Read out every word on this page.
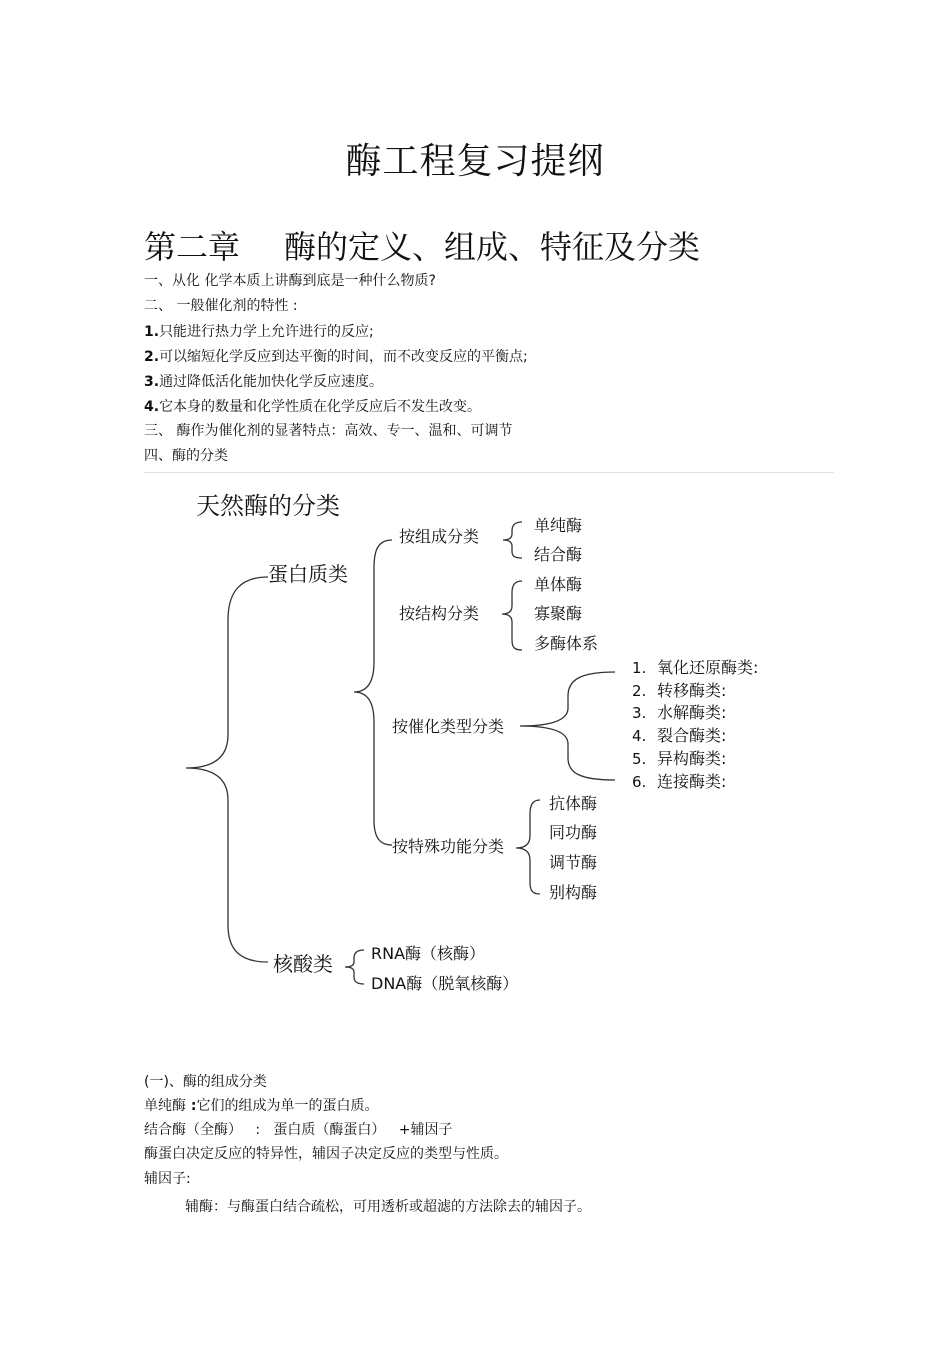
酶工程复习提纲
第二章 酶的定义、组成、特征及分类
一、从化 化学本质上讲酶到底是一种什么物质?
二、 一般催化剂的特性 :
1.只能进行热力学上允许进行的反应;
2.可以缩短化学反应到达平衡的时间，而不改变反应的平衡点;
3.通过降低活化能加快化学反应速度。
4.它本身的数量和化学性质在化学反应后不发生改变。
三、 酶作为催化剂的显著特点：高效、专一、温和、可调节
四、酶的分类
天然酶的分类
蛋白质类
核酸类
按组成分类
单纯酶
结合酶
按结构分类
单体酶
寡聚酶
多酶体系
按催化类型分类
1. 氧化还原酶类:
2. 转移酶类:
3. 水解酶类:
4. 裂合酶类:
5. 异构酶类:
6. 连接酶类:
按特殊功能分类
抗体酶
同功酶
调节酶
别构酶
RNA酶（核酶）
DNA酶（脱氧核酶）
(一)、酶的组成分类
单纯酶 :它们的组成为单一的蛋白质。
结合酶（全酶）   :   蛋白质（酶蛋白）   +辅因子
酶蛋白决定反应的特异性，辅因子决定反应的类型与性质。
辅因子:
辅酶：与酶蛋白结合疏松，可用透析或超滤的方法除去的辅因子。
